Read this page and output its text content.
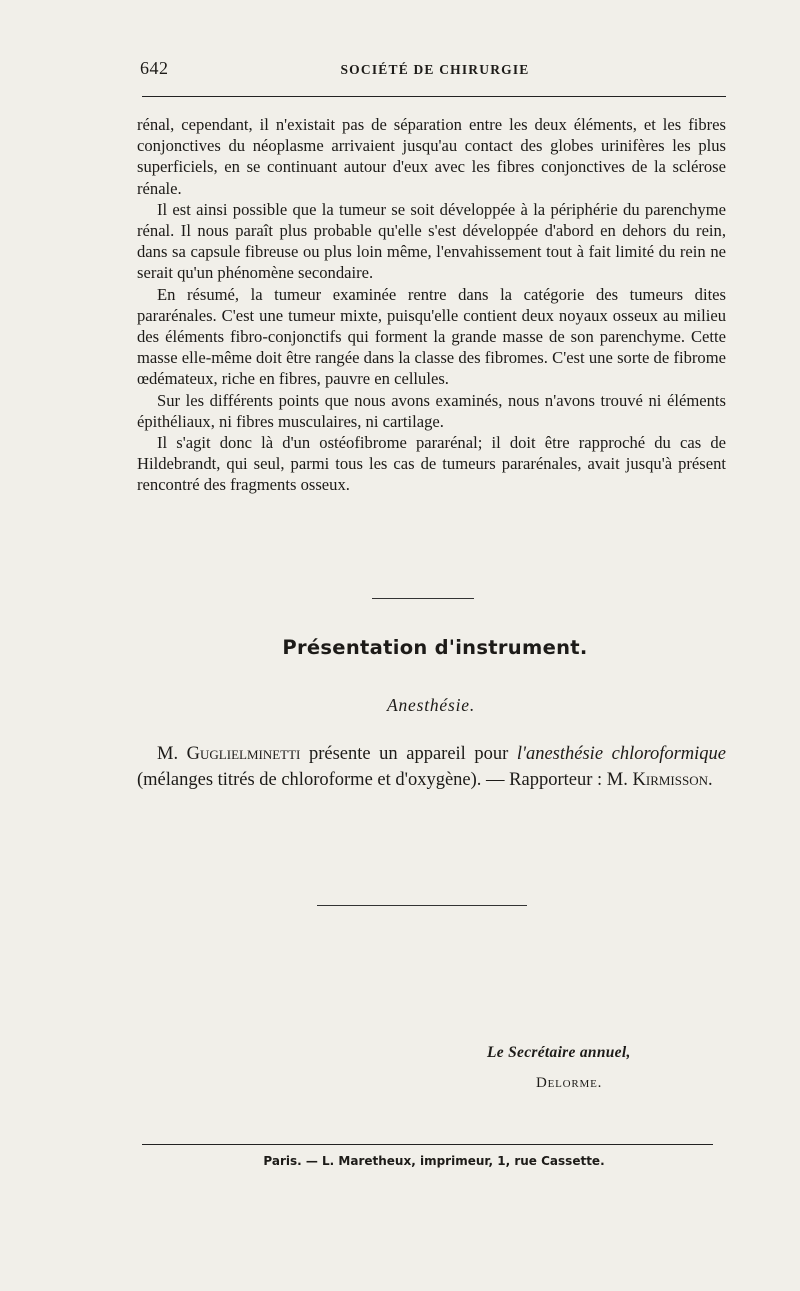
642	SOCIÉTÉ DE CHIRURGIE

rénal, cependant, il n'existait pas de séparation entre les deux éléments, et les fibres conjonctives du néoplasme arrivaient jusqu'au contact des globes urinifères les plus superficiels, en se continuant autour d'eux avec les fibres conjonctives de la sclérose rénale.

Il est ainsi possible que la tumeur se soit développée à la périphérie du parenchyme rénal. Il nous paraît plus probable qu'elle s'est développée d'abord en dehors du rein, dans sa capsule fibreuse ou plus loin même, l'envahissement tout à fait limité du rein ne serait qu'un phénomène secondaire.

En résumé, la tumeur examinée rentre dans la catégorie des tumeurs dites pararénales. C'est une tumeur mixte, puisqu'elle contient deux noyaux osseux au milieu des éléments fibro-conjonctifs qui forment la grande masse de son parenchyme. Cette masse elle-même doit être rangée dans la classe des fibromes. C'est une sorte de fibrome œdémateux, riche en fibres, pauvre en cellules.

Sur les différents points que nous avons examinés, nous n'avons trouvé ni éléments épithéliaux, ni fibres musculaires, ni cartilage.

Il s'agit donc là d'un ostéofibrome pararénal; il doit être rapproché du cas de Hildebrandt, qui seul, parmi tous les cas de tumeurs pararénales, avait jusqu'à présent rencontré des fragments osseux.

Présentation d'instrument.
Anesthésie.

M. Guglielminetti présente un appareil pour l'anesthésie chloroformique (mélanges titrés de chloroforme et d'oxygène). — Rapporteur : M. Kirmisson.

Le Secrétaire annuel,
Delorme.
Paris. — L. Maretheux, imprimeur, 1, rue Cassette.
